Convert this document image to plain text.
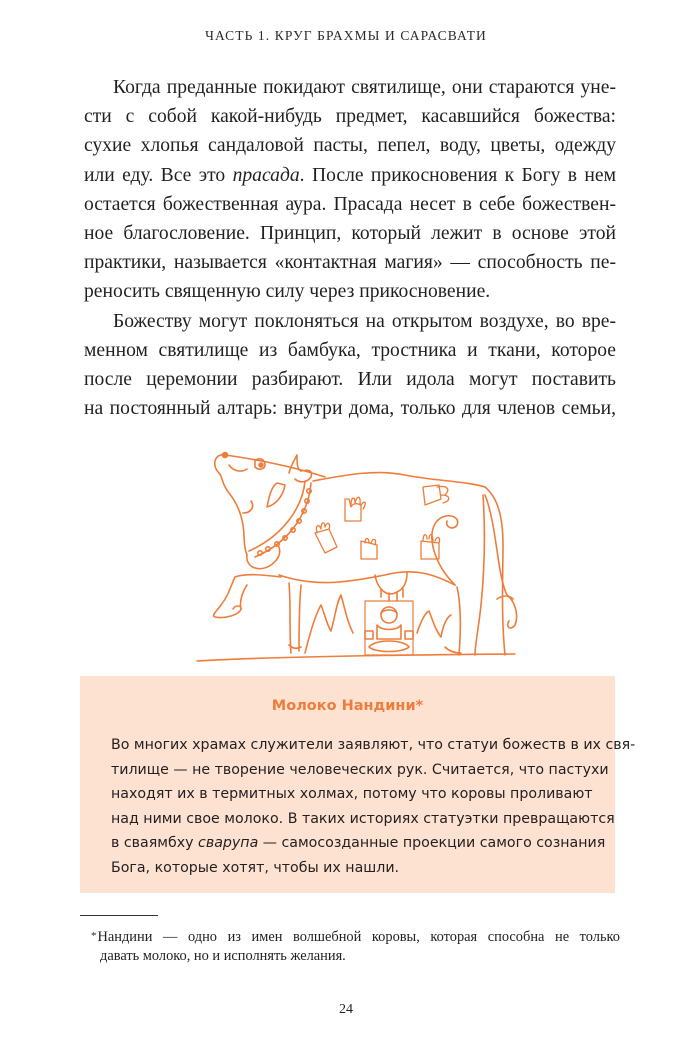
ЧАСТЬ 1. КРУГ БРАХМЫ И САРАСВАТИ
Когда преданные покидают святилище, они стараются уне-
сти с собой какой-нибудь предмет, касавшийся божества:
сухие хлопья сандаловой пасты, пепел, воду, цветы, одежду
или еду. Все это прасада. После прикосновения к Богу в нем
остается божественная аура. Прасада несет в себе божествен-
ное благословение. Принцип, который лежит в основе этой
практики, называется «контактная магия» — способность пе-
реносить священную силу через прикосновение.
Божеству могут поклоняться на открытом воздухе, во вре-
менном святилище из бамбука, тростника и ткани, которое
после церемонии разбирают. Или идола могут поставить
на постоянный алтарь: внутри дома, только для членов семьи,
Молоко Нандини*
Во многих храмах служители заявляют, что статуи божеств в их свя-
тилище — не творение человеческих рук. Считается, что пастухи
находят их в термитных холмах, потому что коровы проливают
над ними свое молоко. В таких историях статуэтки превращаются
в сваямбху сварупа — самосозданные проекции самого сознания
Бога, которые хотят, чтобы их нашли.
*Нандини — одно из имен волшебной коровы, которая способна не только
давать молоко, но и исполнять желания.
24
